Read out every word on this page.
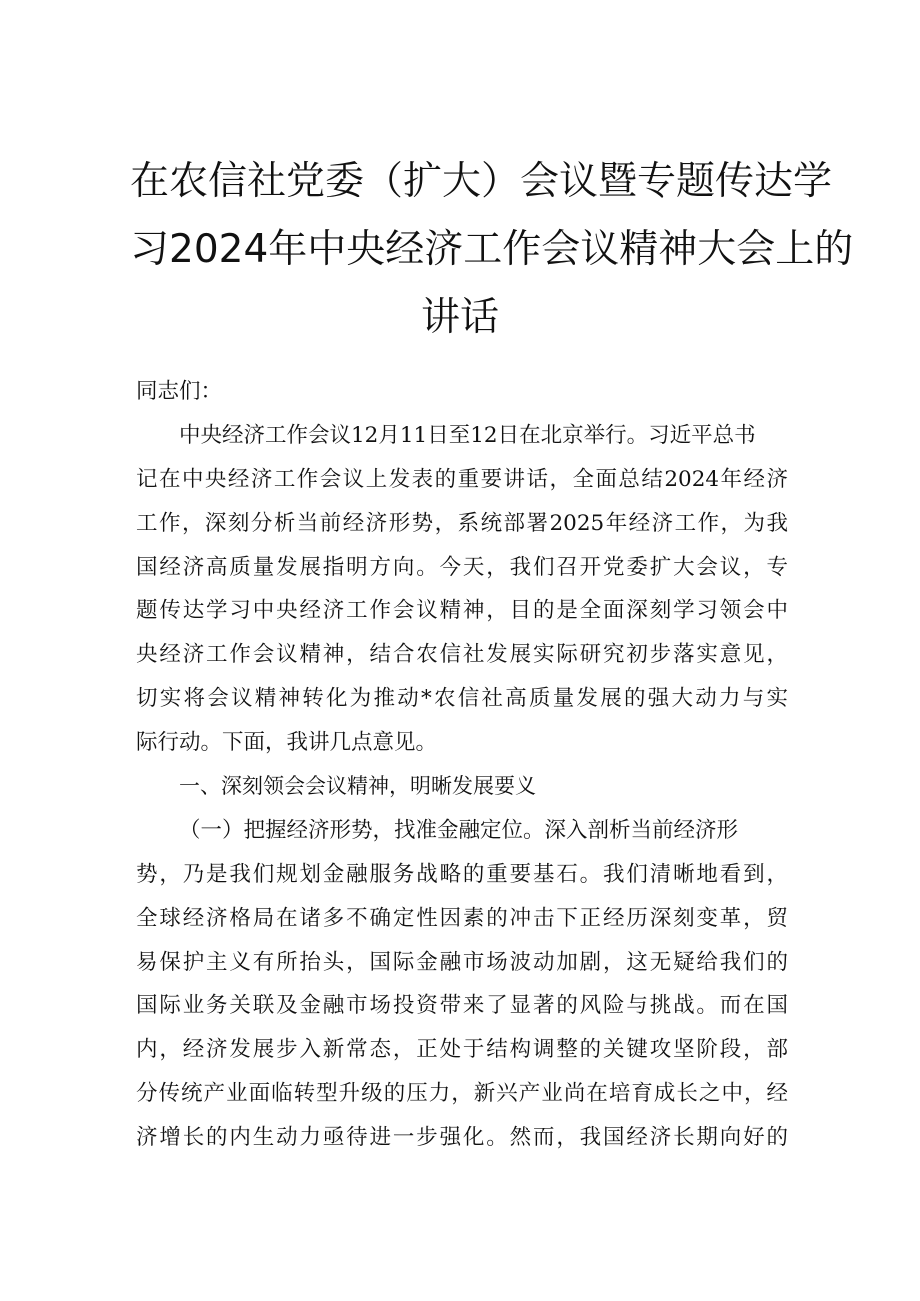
在农信社党委（扩大）会议暨专题传达学
习2024年中央经济工作会议精神大会上的
讲话
同志们：
中央经济工作会议12月11日至12日在北京举行。习近平总书
记在中央经济工作会议上发表的重要讲话，全面总结2024年经济
工作，深刻分析当前经济形势，系统部署2025年经济工作，为我
国经济高质量发展指明方向。今天，我们召开党委扩大会议，专
题传达学习中央经济工作会议精神，目的是全面深刻学习领会中
央经济工作会议精神，结合农信社发展实际研究初步落实意见，
切实将会议精神转化为推动*农信社高质量发展的强大动力与实
际行动。下面，我讲几点意见。
一、深刻领会会议精神，明晰发展要义
（一）把握经济形势，找准金融定位。深入剖析当前经济形
势，乃是我们规划金融服务战略的重要基石。我们清晰地看到，
全球经济格局在诸多不确定性因素的冲击下正经历深刻变革，贸
易保护主义有所抬头，国际金融市场波动加剧，这无疑给我们的
国际业务关联及金融市场投资带来了显著的风险与挑战。而在国
内，经济发展步入新常态，正处于结构调整的关键攻坚阶段，部
分传统产业面临转型升级的压力，新兴产业尚在培育成长之中，经
济增长的内生动力亟待进一步强化。然而，我国经济长期向好的
